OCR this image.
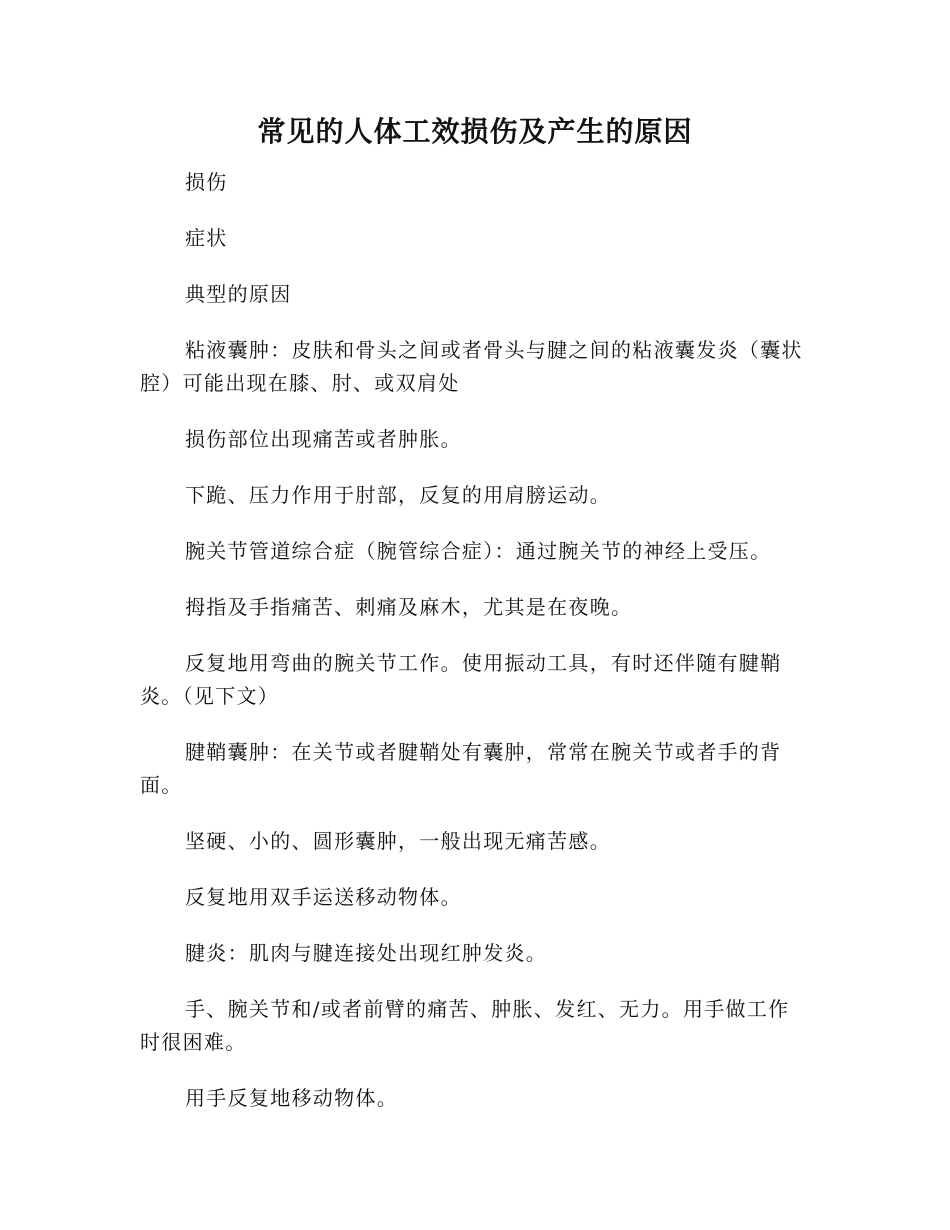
常见的人体工效损伤及产生的原因

损伤

症状

典型的原因

粘液囊肿：皮肤和骨头之间或者骨头与腱之间的粘液囊发炎（囊状腔）可能出现在膝、肘、或双肩处

损伤部位出现痛苦或者肿胀。

下跪、压力作用于肘部，反复的用肩膀运动。

腕关节管道综合症（腕管综合症）：通过腕关节的神经上受压。

拇指及手指痛苦、刺痛及麻木，尤其是在夜晚。

反复地用弯曲的腕关节工作。使用振动工具，有时还伴随有腱鞘炎。（见下文）

腱鞘囊肿：在关节或者腱鞘处有囊肿，常常在腕关节或者手的背面。

坚硬、小的、圆形囊肿，一般出现无痛苦感。

反复地用双手运送移动物体。

腱炎：肌肉与腱连接处出现红肿发炎。

手、腕关节和/或者前臂的痛苦、肿胀、发红、无力。用手做工作时很困难。

用手反复地移动物体。
